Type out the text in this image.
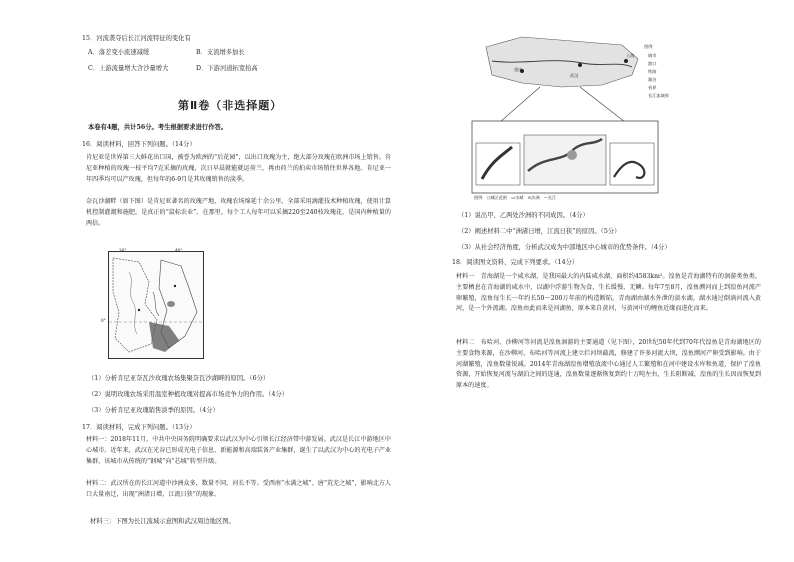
15．河流袭夺后长江河流特征的变化有
A．落差变小流速减缓	B．支流增多加长
C．上游流量增大含沙量增大	D．下游河道拓宽抬高
第Ⅱ卷（非选择题）
本卷有4题，共计56分。考生根据要求进行作答。
16．阅读材料，回答下列问题。（14分）
肯尼亚是世界第三大鲜花出口国，被誉为欧洲的“后花园”，以出口玫瑰为主，绝大部分玫瑰在欧洲市场上销售。肯尼亚种植的玫瑰一枝平均7克采摘的玫瑰，次日早晨就能就运荷兰，再由荷兰的拍卖市场销往世界各地。肯尼亚一年四季均可以产玫瑰，但每年的6-9月是其玫瑰销售的淡季。
奈瓦沙湖畔（如下图）是肯尼亚著名的玫瑰产地，玫瑰农场绵延十余公里，全部采用滴灌技术种植玫瑰，使用计算机控制灌溉和施肥，是真正的“鼠标农业”。在那里，每个工人每年可以采摘220至240枝玫瑰花，是国内种植量的两倍。
36°	40°
0°
（1）分析肯尼亚奈瓦沙玫瑰农场集聚奈瓦沙湖畔的原因。（6分）
（2）说明玫瑰农场采用温室种植玫瑰对提高市场竞争力的作用。（4分）
（3）分析肯尼亚玫瑰销售淡季的原因。（4分）
17．阅读材料，完成下列问题。（13分）
材料一：2018年11月，中共中央国务院明确要求以武汉为中心引领长江经济带中游发展。武汉是长江中游地区中心城市。近年来，武汉在光谷已形成光电子信息、新能源和高端装备产业集群，诞生了以武汉为中心的光电子产业集群，该城市从传统的“钢城”向“芯城”转型升级。
材料二：武汉所在的长江河道中沙洲众多，数量不同、河长不等。受西南“水满之城”、唐“荒芜之城”，影响北方人口大量南迁，出现“洲渚日增，江流日狭”的现象。
材料三：下图为长江流域示意图和武汉周边地区图。
重庆
武汉
上海
图例　○城区范围　▭水域　⊙沙洲　—长江
图例
城市
港口
铁路
湖泊
省界
长江流域界
（1）说出甲、乙两处沙洲的不同成因。（4分）
（2）阐述材料二中“洲渚日增，江流日狭”的原因。（5分）
（3）从社会经济角度，分析武汉成为中部地区中心城市的优势条件。（4分）
18．阅读图文资料，完成下列要求。（14分）
材料一　青海湖是一个咸水湖，是我国最大的内陆咸水湖，面积约4583km²。湟鱼是青海湖特有的洄游类鱼类，主要栖息在青海湖的咸水中，以湖中浮游生物为食，生长缓慢、无鳞。每年7至8月，湟鱼溯河而上到湟鱼河流产卵繁殖，湟鱼每生长一年约长50～200万年前的构造断陷，青海湖由湖水外泄的淡水湖，湖水通过倒淌河流入黄河，是一个外流湖。湟鱼由此而来是河湖鱼，原本来自黄河，与黄河中的鲤鱼近缘而进化而来。
材料二　布哈河、沙柳河等河流是湟鱼洄游的主要通道（见下图），20世纪50年代到70年代湟鱼是青海湖地区的主要食物来源，在沙柳河，布哈河等河流上建立拦河坝截流，修建了许多河流大坝，湟鱼溯河产卵受到影响。由于河湖繁殖，湟鱼数量锐减。2014年青海湖湟鱼增殖放流中心通过人工繁殖和在河中建设水库和鱼道，保护了湟鱼资源，开始恢复河流与湖泊之间的连通，湟鱼数量逐渐恢复到约十万吨左右，生长阻断减，湟鱼的生长因而恢复到原本的速度。
